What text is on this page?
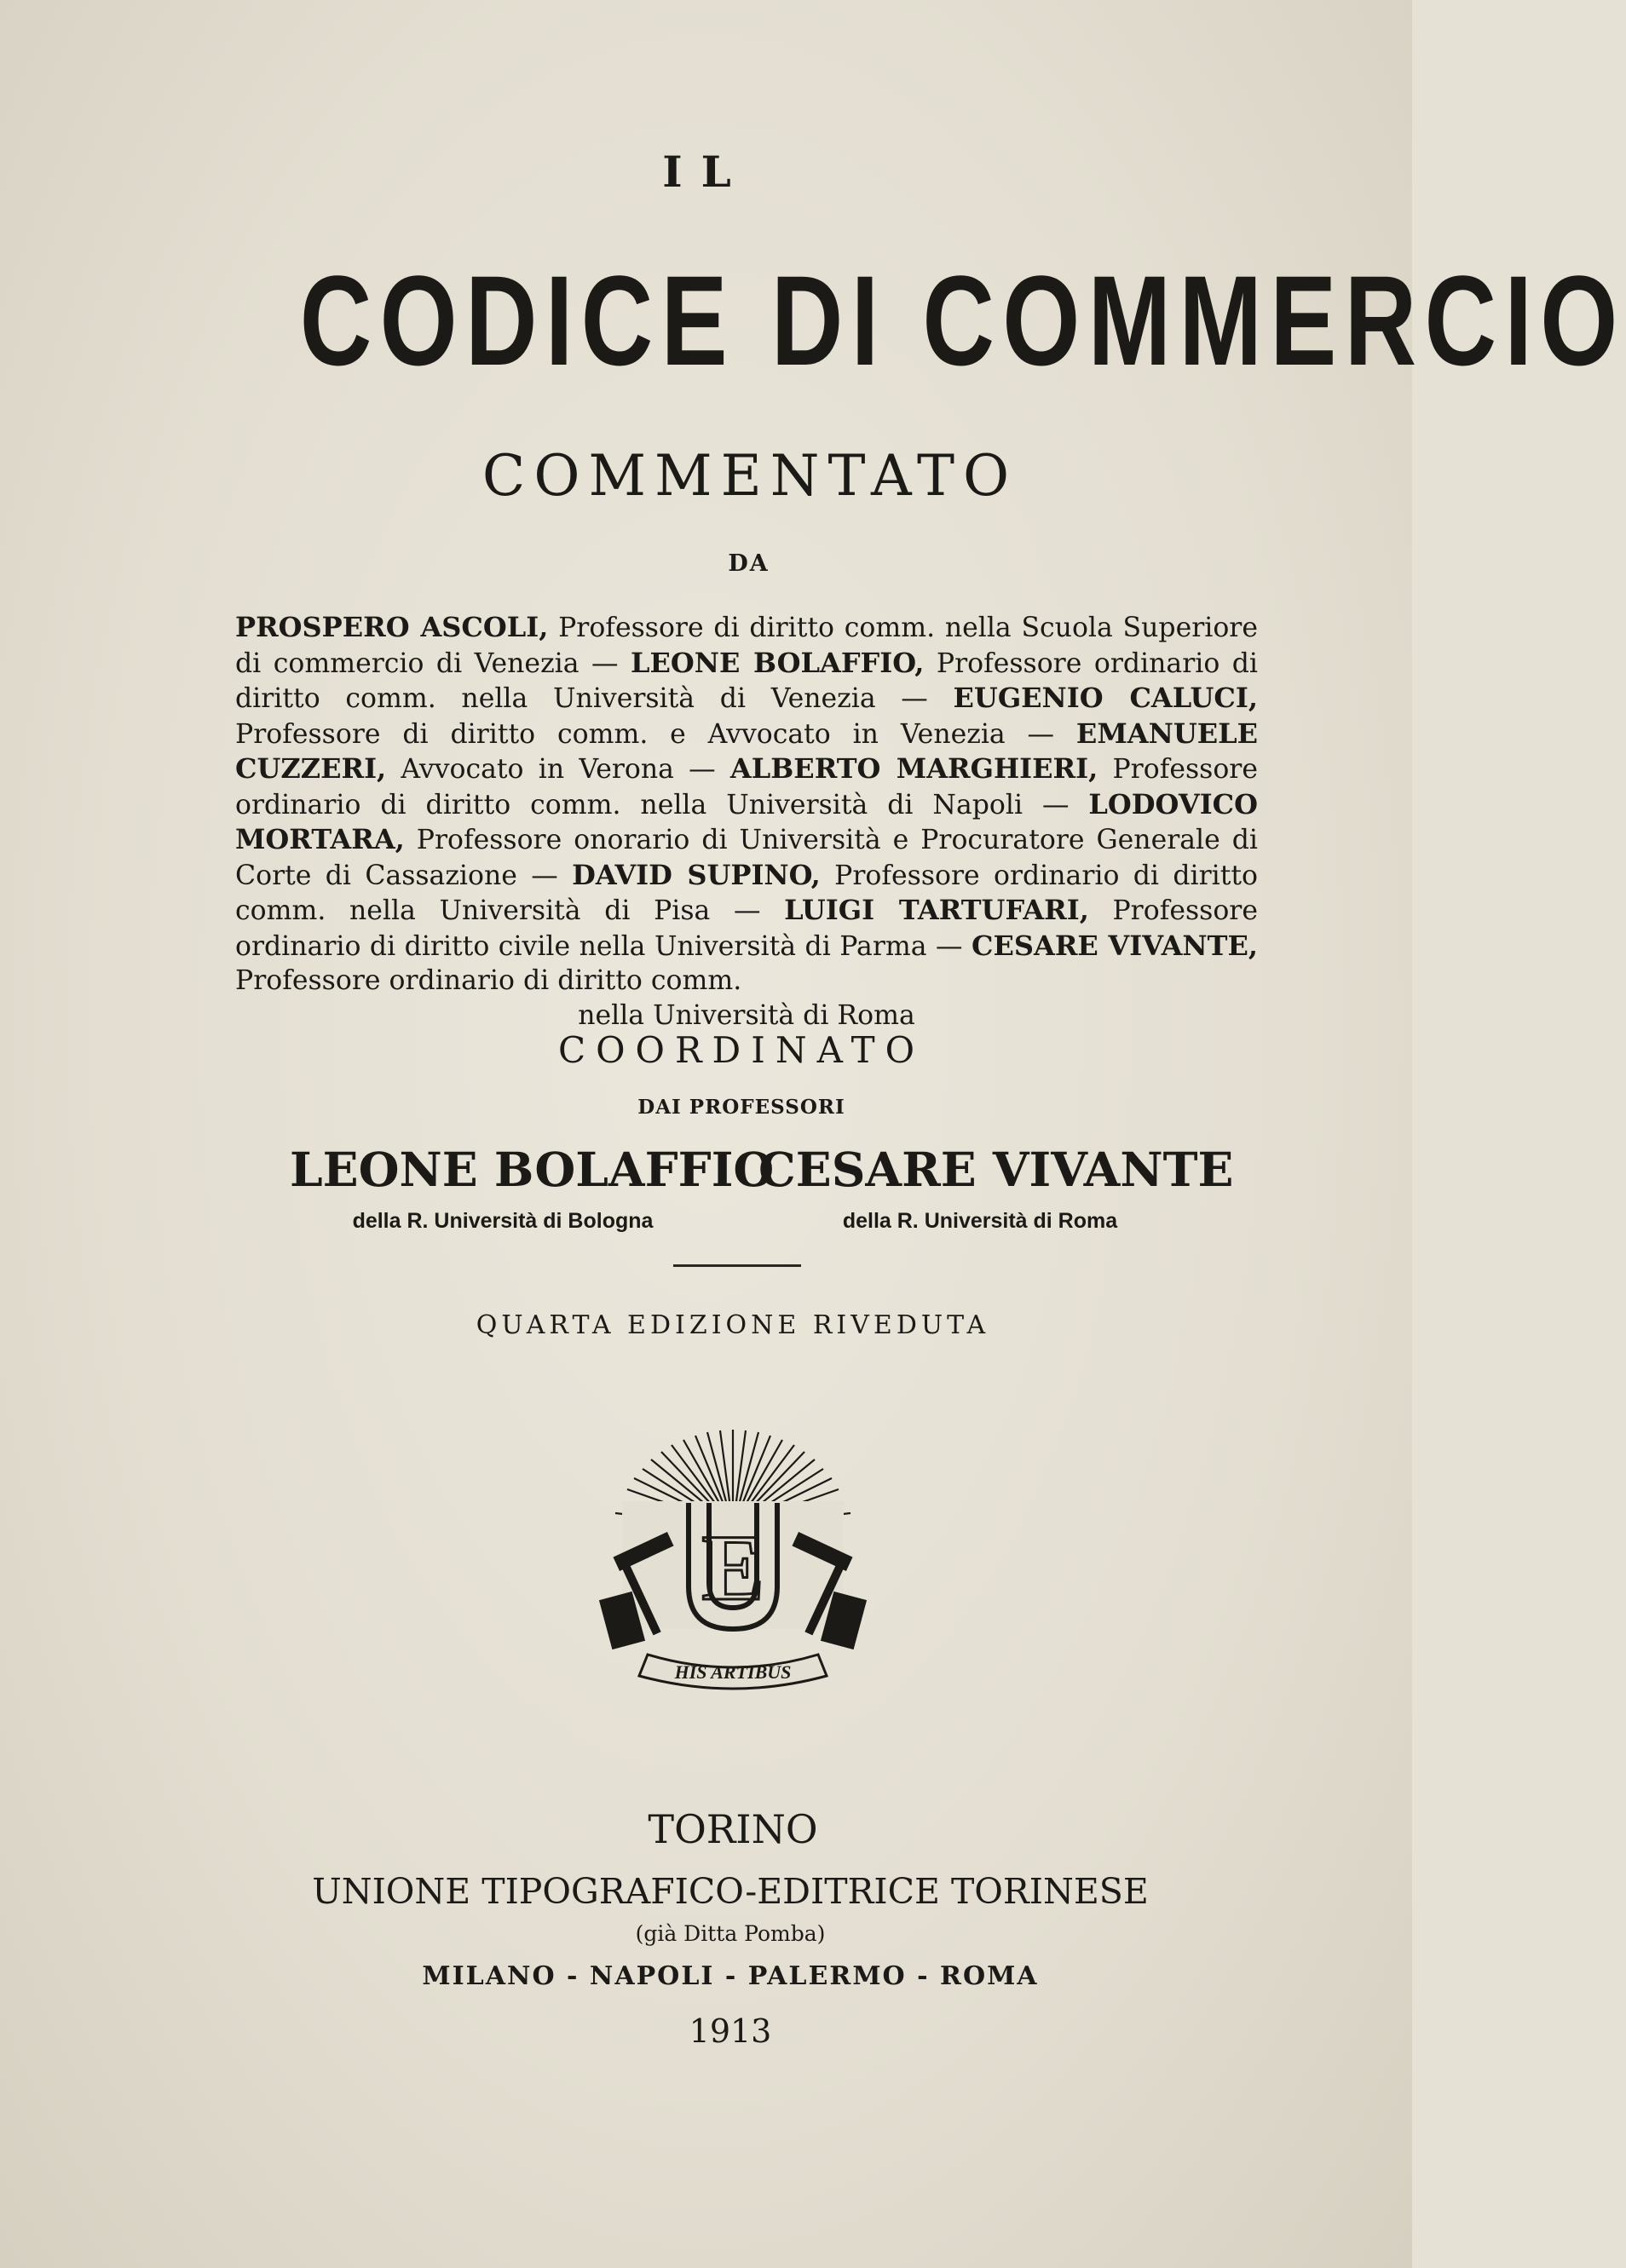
IL
CODICE DI COMMERCIO
COMMENTATO
DA
PROSPERO ASCOLI, Professore di diritto comm. nella Scuola Superiore di commercio di Venezia — LEONE BOLAFFIO, Professore ordinario di diritto comm. nella Università di Venezia — EUGENIO CALUCI, Professore di diritto comm. e Avvocato in Venezia — EMANUELE CUZZERI, Avvocato in Verona — ALBERTO MARGHIERI, Professore ordinario di diritto comm. nella Università di Napoli — LODOVICO MORTARA, Professore onorario di Università e Procuratore Generale di Corte di Cassazione — DAVID SUPINO, Professore ordinario di diritto comm. nella Università di Pisa — LUIGI TARTUFARI, Professore ordinario di diritto civile nella Università di Parma — CESARE VIVANTE, Professore ordinario di diritto comm.
nella Università di Roma
COORDINATO
DAI PROFESSORI
LEONE BOLAFFIO
della R. Università di Bologna
CESARE VIVANTE
della R. Università di Roma
QUARTA EDIZIONE RIVEDUTA
E
HIS ARTIBUS
TORINO
UNIONE TIPOGRAFICO-EDITRICE TORINESE
(già Ditta Pomba)
MILANO - NAPOLI - PALERMO - ROMA
1913
